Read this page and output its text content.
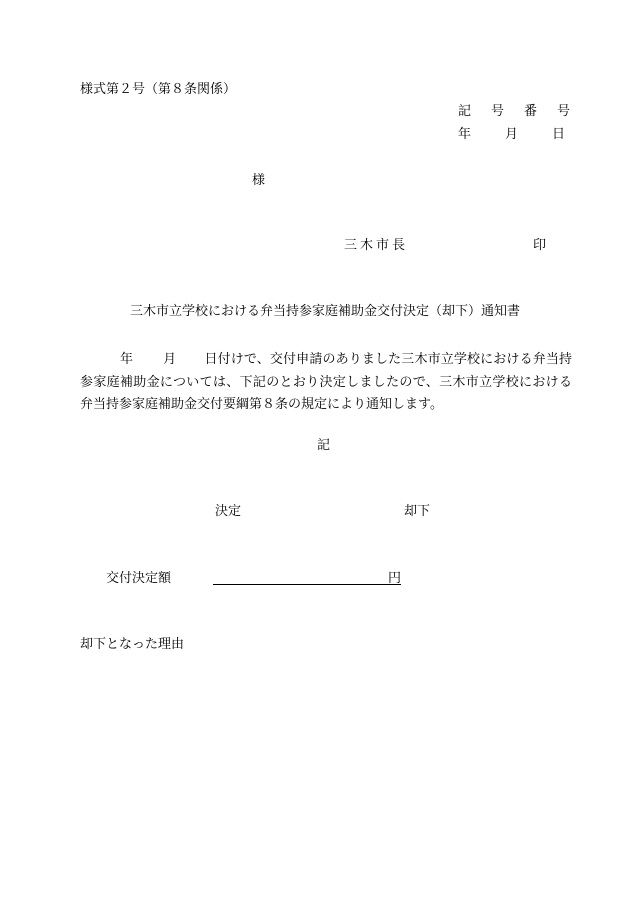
様式第２号（第８条関係）
記 号 番 号
年	月	日
様
三木市長	印
三木市立学校における弁当持参家庭補助金交付決定（却下）通知書
年 月 日付けで、交付申請のありました三木市立学校における弁当持参家庭補助金については、下記のとおり決定しましたので、三木市立学校における弁当持参家庭補助金交付要綱第８条の規定により通知します。
記
決定	却下
交付決定額	円
却下となった理由
